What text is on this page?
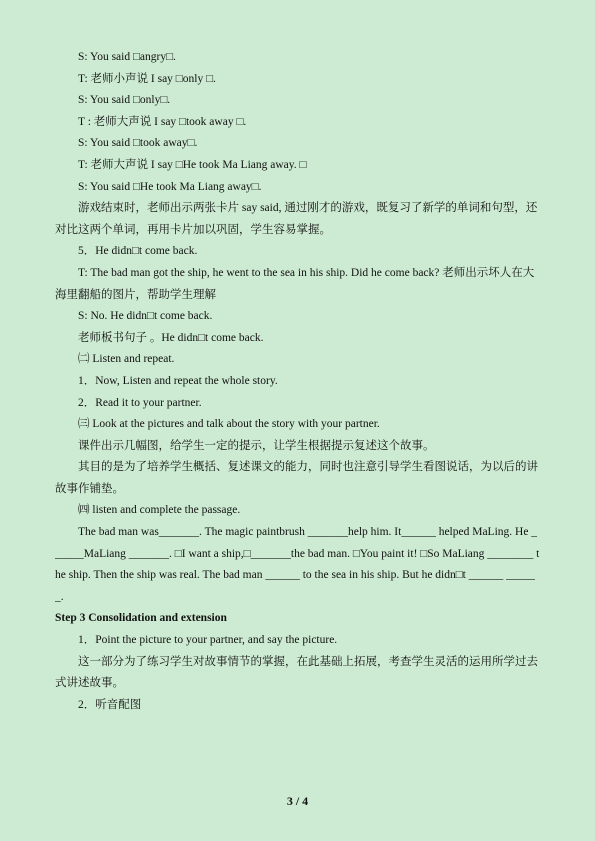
S: You said □angry□.

T: 老师小声说 I say □only □.

S: You said □only□.

T : 老师大声说 I say □took away □.

S: You said □took away□.

T: 老师大声说 I say □He took Ma Liang away. □

S: You said □He took Ma Liang away□.

游戏结束时，老师出示两张卡片 say said, 通过刚才的游戏，既复习了新学的单词和句型，还对比这两个单词，再用卡片加以巩固，学生容易掌握。

5．He didn□t come back.

T: The bad man got the ship, he went to the sea in his ship. Did he come back? 老师出示坏人在大海里翻船的图片，帮助学生理解

S: No. He didn□t come back.

老师板书句子 。He didn□t come back.

㈡ Listen and repeat.

1．Now, Listen and repeat the whole story.

2．Read it to your partner.

㈢ Look at the pictures and talk about the story with your partner.

课件出示几幅图，给学生一定的提示，让学生根据提示复述这个故事。

其目的是为了培养学生概括、复述课文的能力，同时也注意引导学生看图说话，为以后的讲故事作铺垫。

㈣ listen and complete the passage.

The bad man was_______. The magic paintbrush _______help him. It______ helped MaLing. He ______MaLiang _______. □I want a ship,□_______the bad man. □You paint it! □So MaLiang ________ the ship. Then the ship was real. The bad man ______ to the sea in his ship. But he didn□t ______ ______.

Step 3 Consolidation and extension

1．Point the picture to your partner, and say the picture.

这一部分为了练习学生对故事情节的掌握，在此基础上拓展，考查学生灵活的运用所学过去式讲述故事。

2．听音配图

3 / 4
